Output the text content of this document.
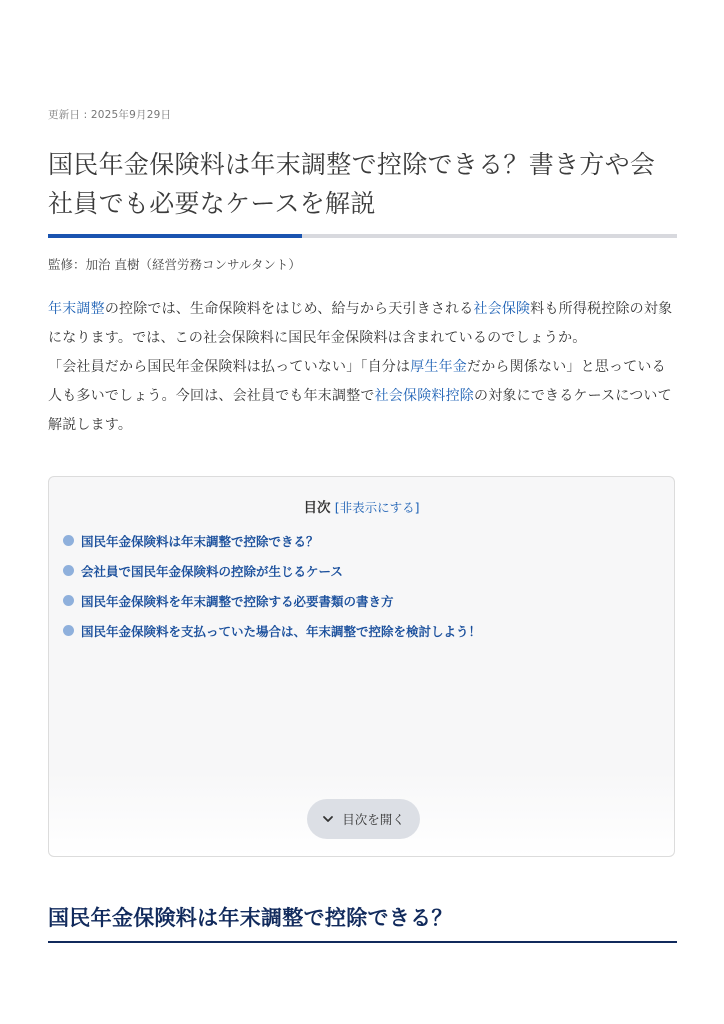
更新日 : 2025年9月29日
国民年金保険料は年末調整で控除できる？書き方や会社員でも必要なケースを解説
監修：加治 直樹（経営労務コンサルタント）

年末調整の控除では、生命保険料をはじめ、給与から天引きされる社会保険料も所得税控除の対象になります。では、この社会保険料に国民年金保険料は含まれているのでしょうか。
「会社員だから国民年金保険料は払っていない」「自分は厚生年金だから関係ない」と思っている人も多いでしょう。今回は、会社員でも年末調整で社会保険料控除の対象にできるケースについて解説します。

目次 [非表示にする]
国民年金保険料は年末調整で控除できる？
会社員で国民年金保険料の控除が生じるケース
国民年金保険料を年末調整で控除する必要書類の書き方
国民年金保険料を支払っていた場合は、年末調整で控除を検討しよう！
目次を開く
国民年金保険料は年末調整で控除できる？
